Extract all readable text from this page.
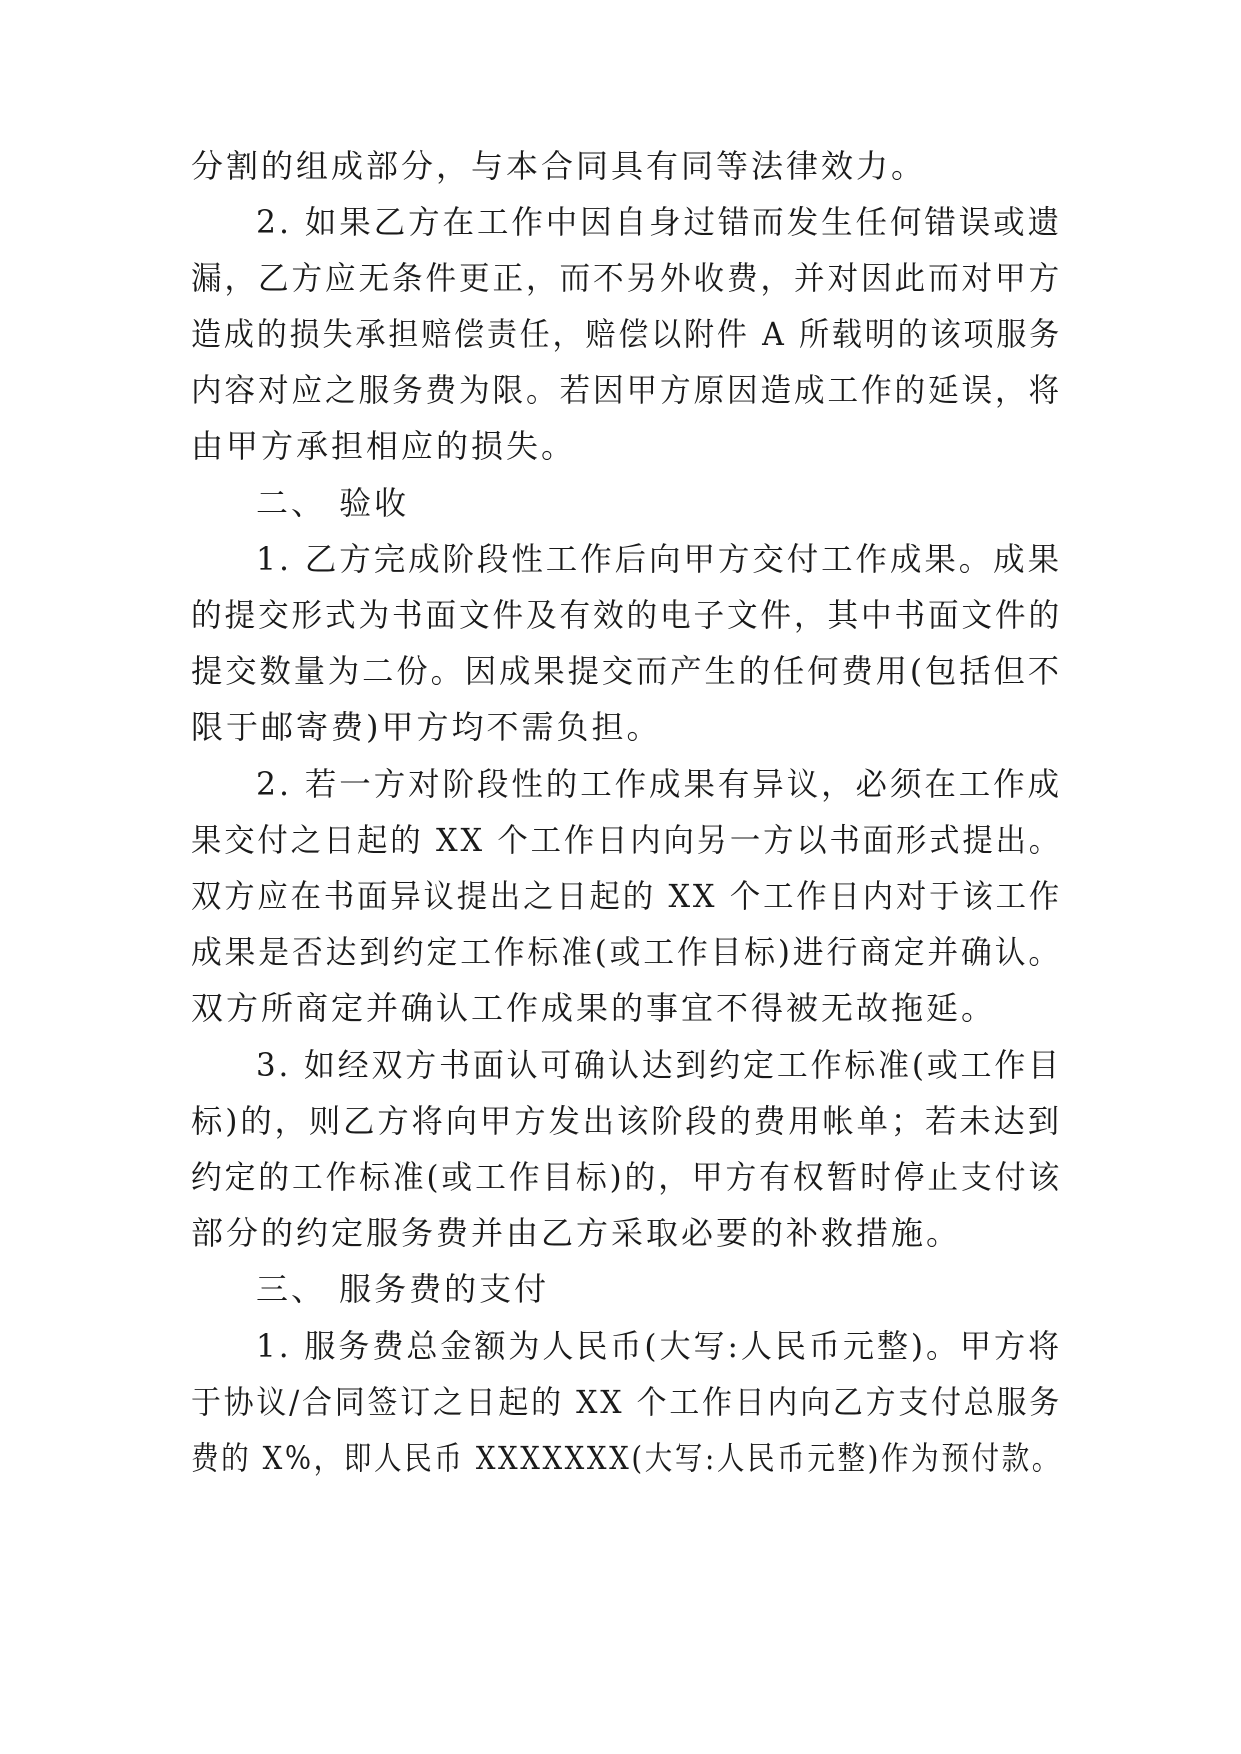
分割的组成部分，与本合同具有同等法律效力。
2. 如果乙方在工作中因自身过错而发生任何错误或遗
漏，乙方应无条件更正，而不另外收费，并对因此而对甲方
造成的损失承担赔偿责任，赔偿以附件 A 所载明的该项服务
内容对应之服务费为限。若因甲方原因造成工作的延误，将
由甲方承担相应的损失。
二、 验收
1. 乙方完成阶段性工作后向甲方交付工作成果。成果
的提交形式为书面文件及有效的电子文件，其中书面文件的
提交数量为二份。因成果提交而产生的任何费用(包括但不
限于邮寄费)甲方均不需负担。
2. 若一方对阶段性的工作成果有异议，必须在工作成
果交付之日起的 XX 个工作日内向另一方以书面形式提出。
双方应在书面异议提出之日起的 XX 个工作日内对于该工作
成果是否达到约定工作标准(或工作目标)进行商定并确认。
双方所商定并确认工作成果的事宜不得被无故拖延。
3. 如经双方书面认可确认达到约定工作标准(或工作目
标)的，则乙方将向甲方发出该阶段的费用帐单；若未达到
约定的工作标准(或工作目标)的，甲方有权暂时停止支付该
部分的约定服务费并由乙方采取必要的补救措施。
三、 服务费的支付
1. 服务费总金额为人民币(大写:人民币元整)。甲方将
于协议/合同签订之日起的 XX 个工作日内向乙方支付总服务
费的 X%，即人民币 XXXXXXX(大写:人民币元整)作为预付款。
